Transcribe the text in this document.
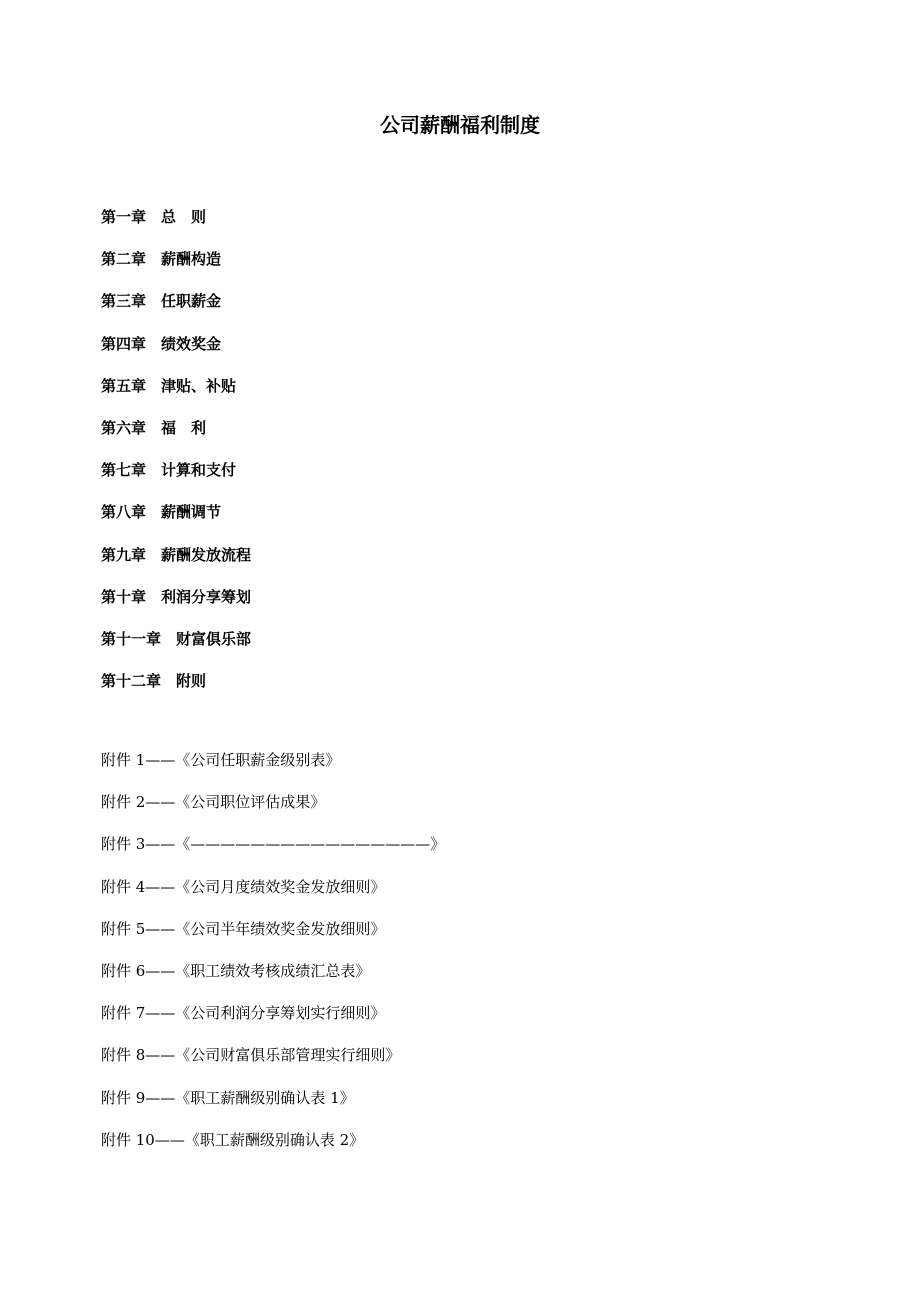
公司薪酬福利制度
第一章　总　则
第二章　薪酬构造
第三章　任职薪金
第四章　绩效奖金
第五章　津贴、补贴
第六章　福　利
第七章　计算和支付
第八章　薪酬调节
第九章　薪酬发放流程
第十章　利润分享筹划
第十一章　财富俱乐部
第十二章　附则
附件 1——《公司任职薪金级别表》
附件 2——《公司职位评估成果》
附件 3——《————————————————》
附件 4——《公司月度绩效奖金发放细则》
附件 5——《公司半年绩效奖金发放细则》
附件 6——《职工绩效考核成绩汇总表》
附件 7——《公司利润分享筹划实行细则》
附件 8——《公司财富俱乐部管理实行细则》
附件 9——《职工薪酬级别确认表 1》
附件 10——《职工薪酬级别确认表 2》
